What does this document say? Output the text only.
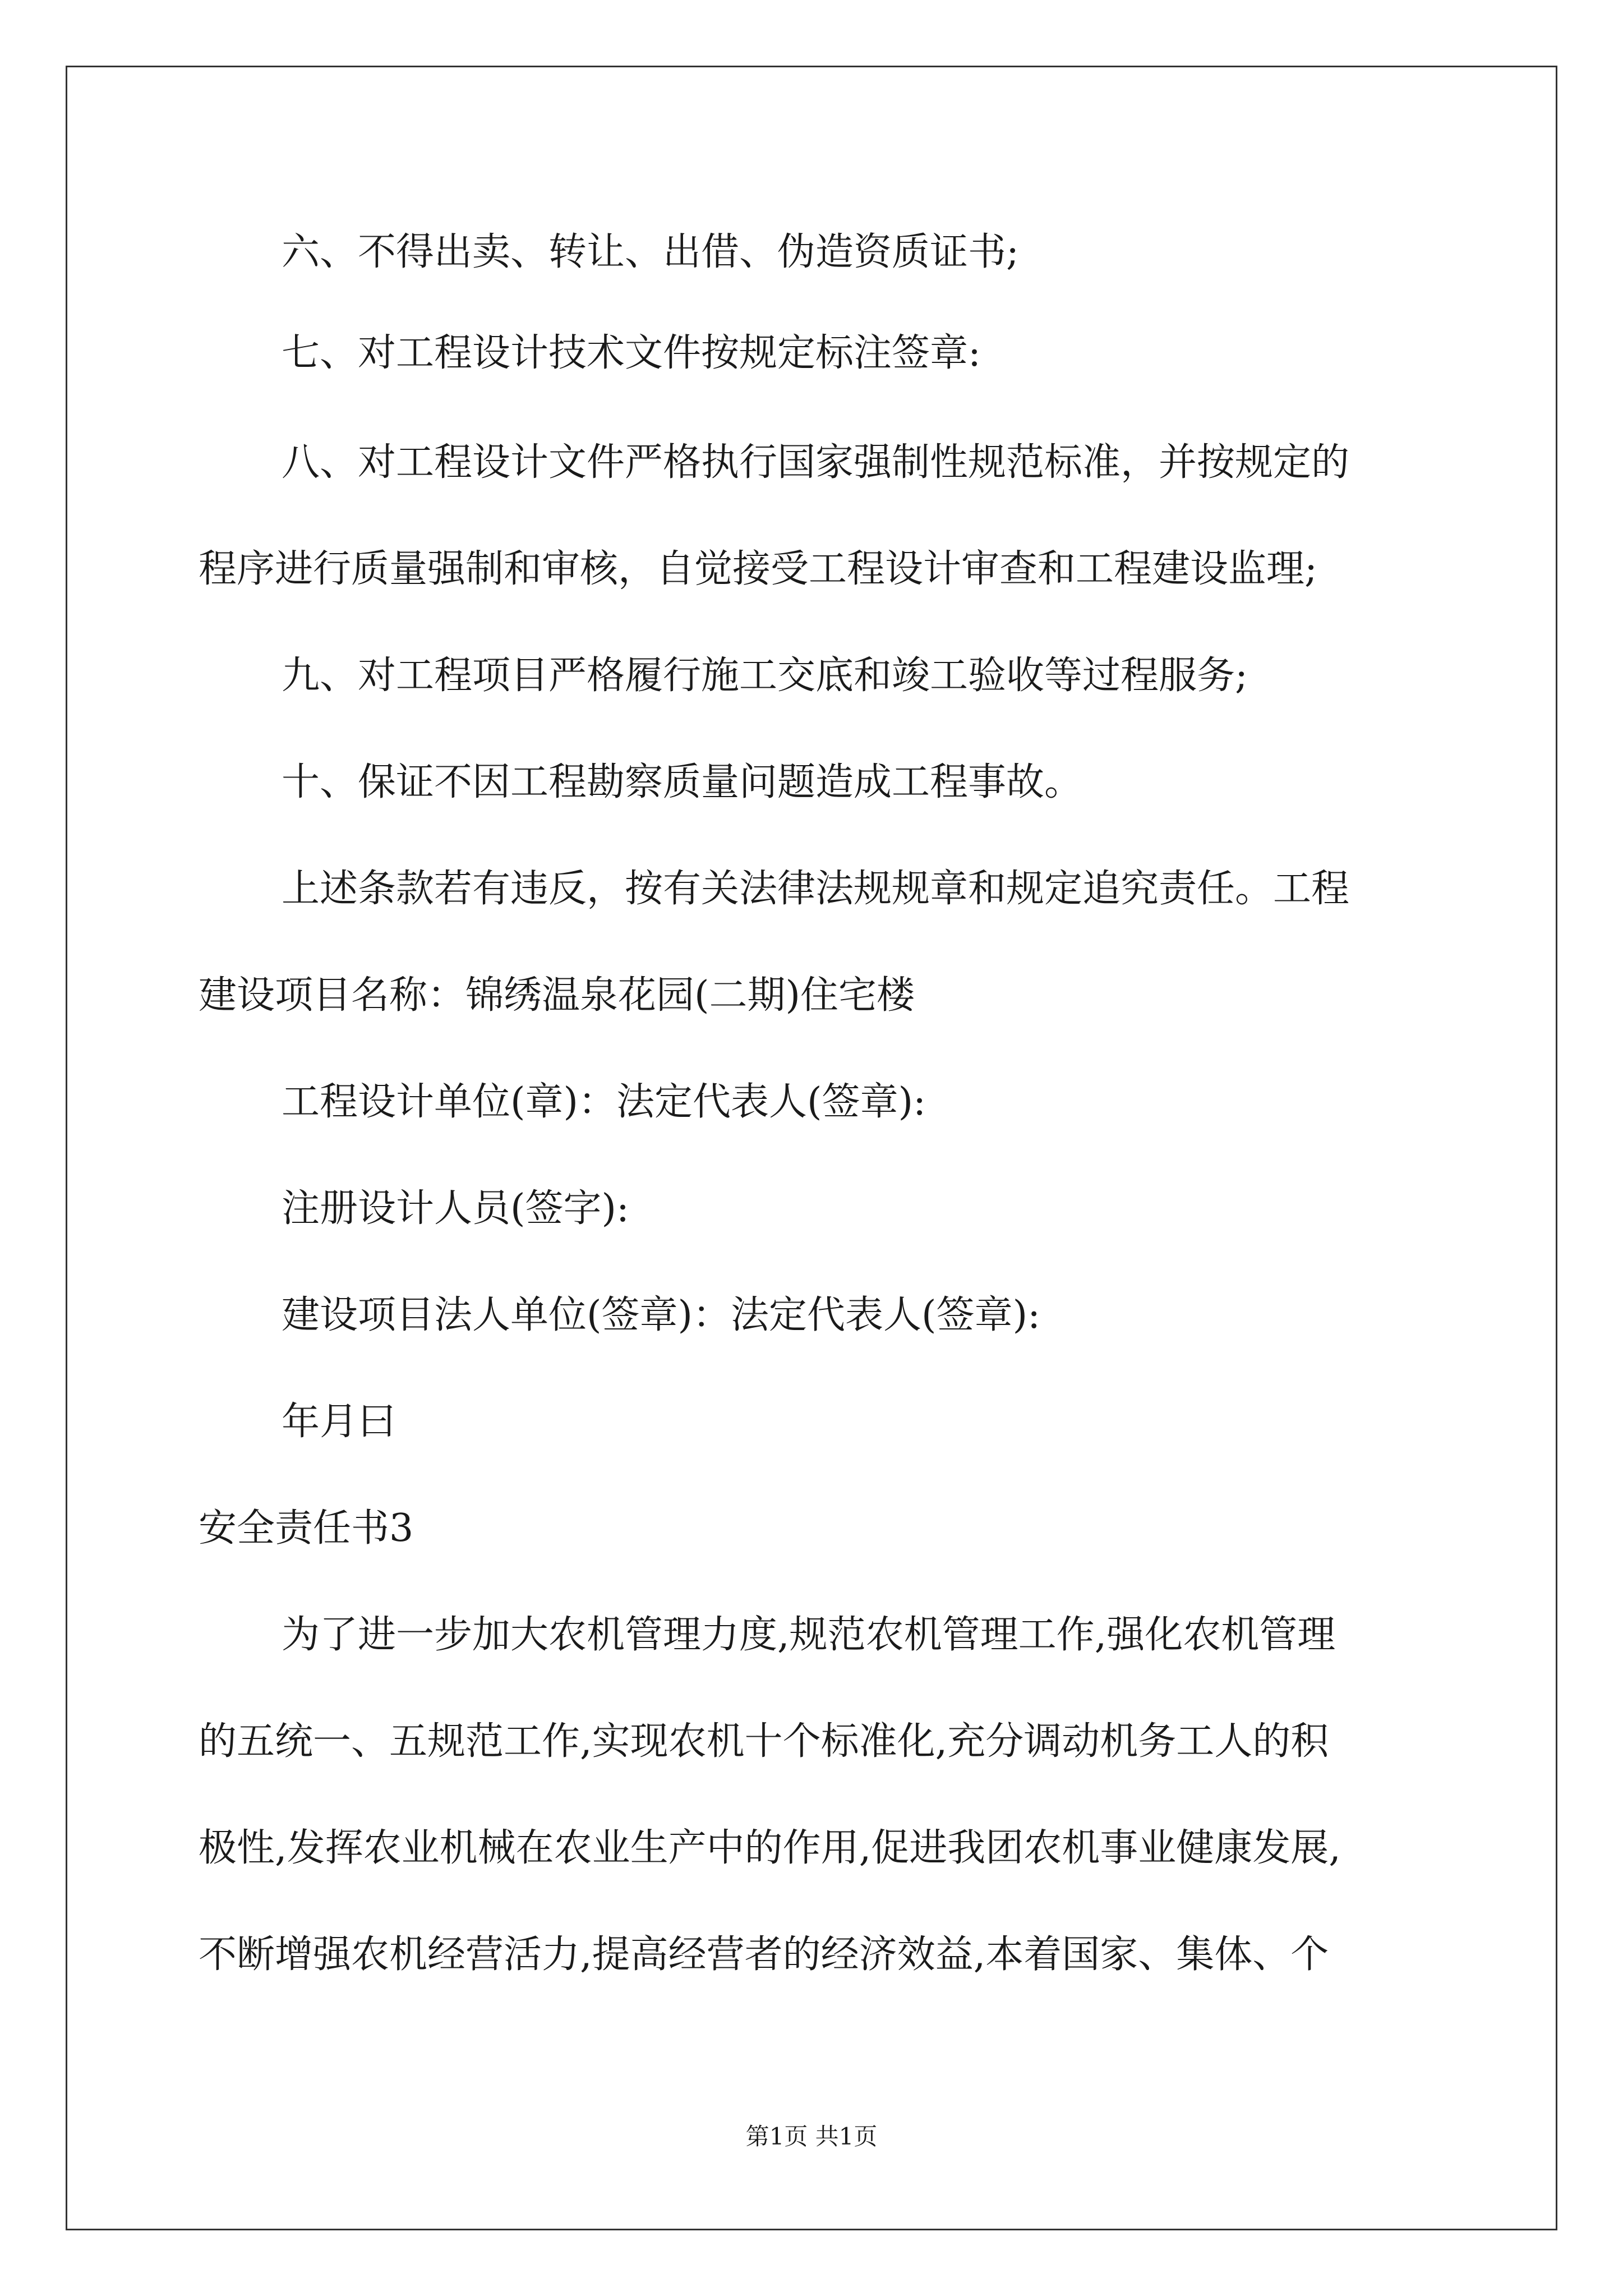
六、不得出卖、转让、出借、伪造资质证书;
七、对工程设计技术文件按规定标注签章:
八、对工程设计文件严格执行国家强制性规范标准，并按规定的
程序进行质量强制和审核，自觉接受工程设计审查和工程建设监理;
九、对工程项目严格履行施工交底和竣工验收等过程服务;
十、保证不因工程勘察质量问题造成工程事故。
上述条款若有违反，按有关法律法规规章和规定追究责任。工程
建设项目名称：锦绣温泉花园(二期)住宅楼
工程设计单位(章)：法定代表人(签章):
注册设计人员(签字):
建设项目法人单位(签章)：法定代表人(签章):
年月曰
安全责任书3
为了进一步加大农机管理力度,规范农机管理工作,强化农机管理
的五统一、五规范工作,实现农机十个标准化,充分调动机务工人的积
极性,发挥农业机械在农业生产中的作用,促进我团农机事业健康发展,
不断增强农机经营活力,提高经营者的经济效益,本着国家、集体、个
第1页 共1页
